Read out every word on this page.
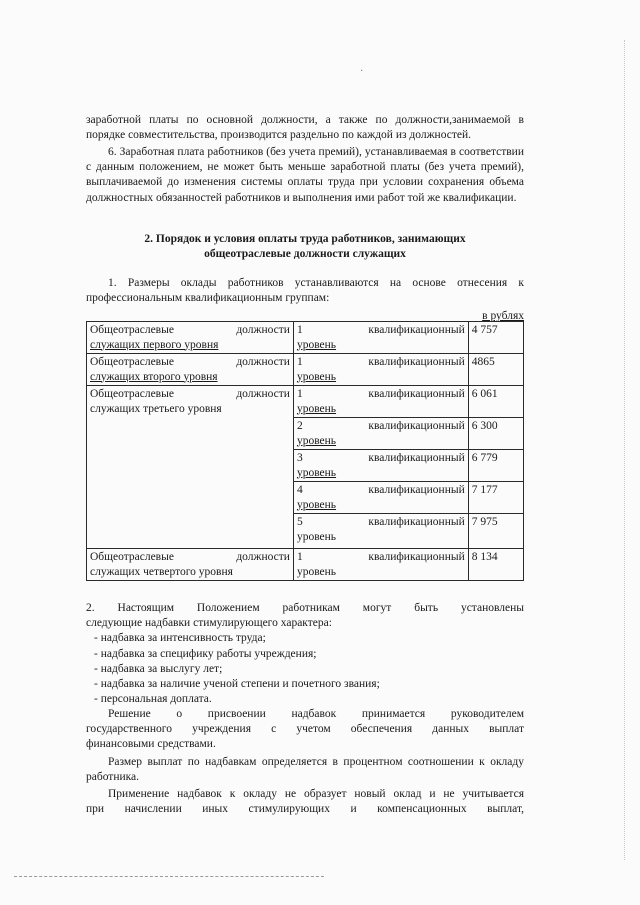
·
заработной платы по основной должности, а также по должности,занимаемой в
порядке совместительства, производится раздельно по каждой из должностей.

6. Заработная плата работников (без учета премий), устанавливаемая в соответствии с данным положением, не может быть меньше заработной платы (без учета премий), выплачиваемой до изменения системы оплаты труда при условии сохранения объема должностных обязанностей работников и выполнения ими работ той же квалификации.

2. Порядок и условия оплаты труда работников, занимающих
общеотраслевые должности служащих

1. Размеры оклады работников устанавливаются на основе отнесения к профессиональным квалификационным группам:

в рублях
Общеотраслевые должности
служащих первого уровня	1 квалификационный
уровень	4 757

Общеотраслевые должности
служащих второго уровня	1 квалификационный
уровень	4865

Общеотраслевые должности
служащих третьего уровня	1 квалификационный
уровень	6 061

	2 квалификационный
уровень	6 300

	3 квалификационный
уровень	6 779

	4 квалификационный
уровень	7 177

	5 квалификационный
уровень	7 975

Общеотраслевые должности
служащих четвертого уровня	1 квалификационный
уровень	8 134
2. Настоящим Положением работникам могут быть установлены
следующие надбавки стимулирующего характера:
- надбавка за интенсивность труда;
- надбавка за специфику работы учреждения;
- надбавка за выслугу лет;
- надбавка за наличие ученой степени и почетного звания;
- персональная доплата.
Решение о присвоении надбавок принимается руководителем
государственного учреждения с учетом обеспечения данных выплат
финансовыми средствами.

Размер выплат по надбавкам определяется в процентном соотношении к окладу работника.

Применение надбавок к окладу не образует новый оклад и не учитывается
при начислении иных стимулирующих и компенсационных выплат,
